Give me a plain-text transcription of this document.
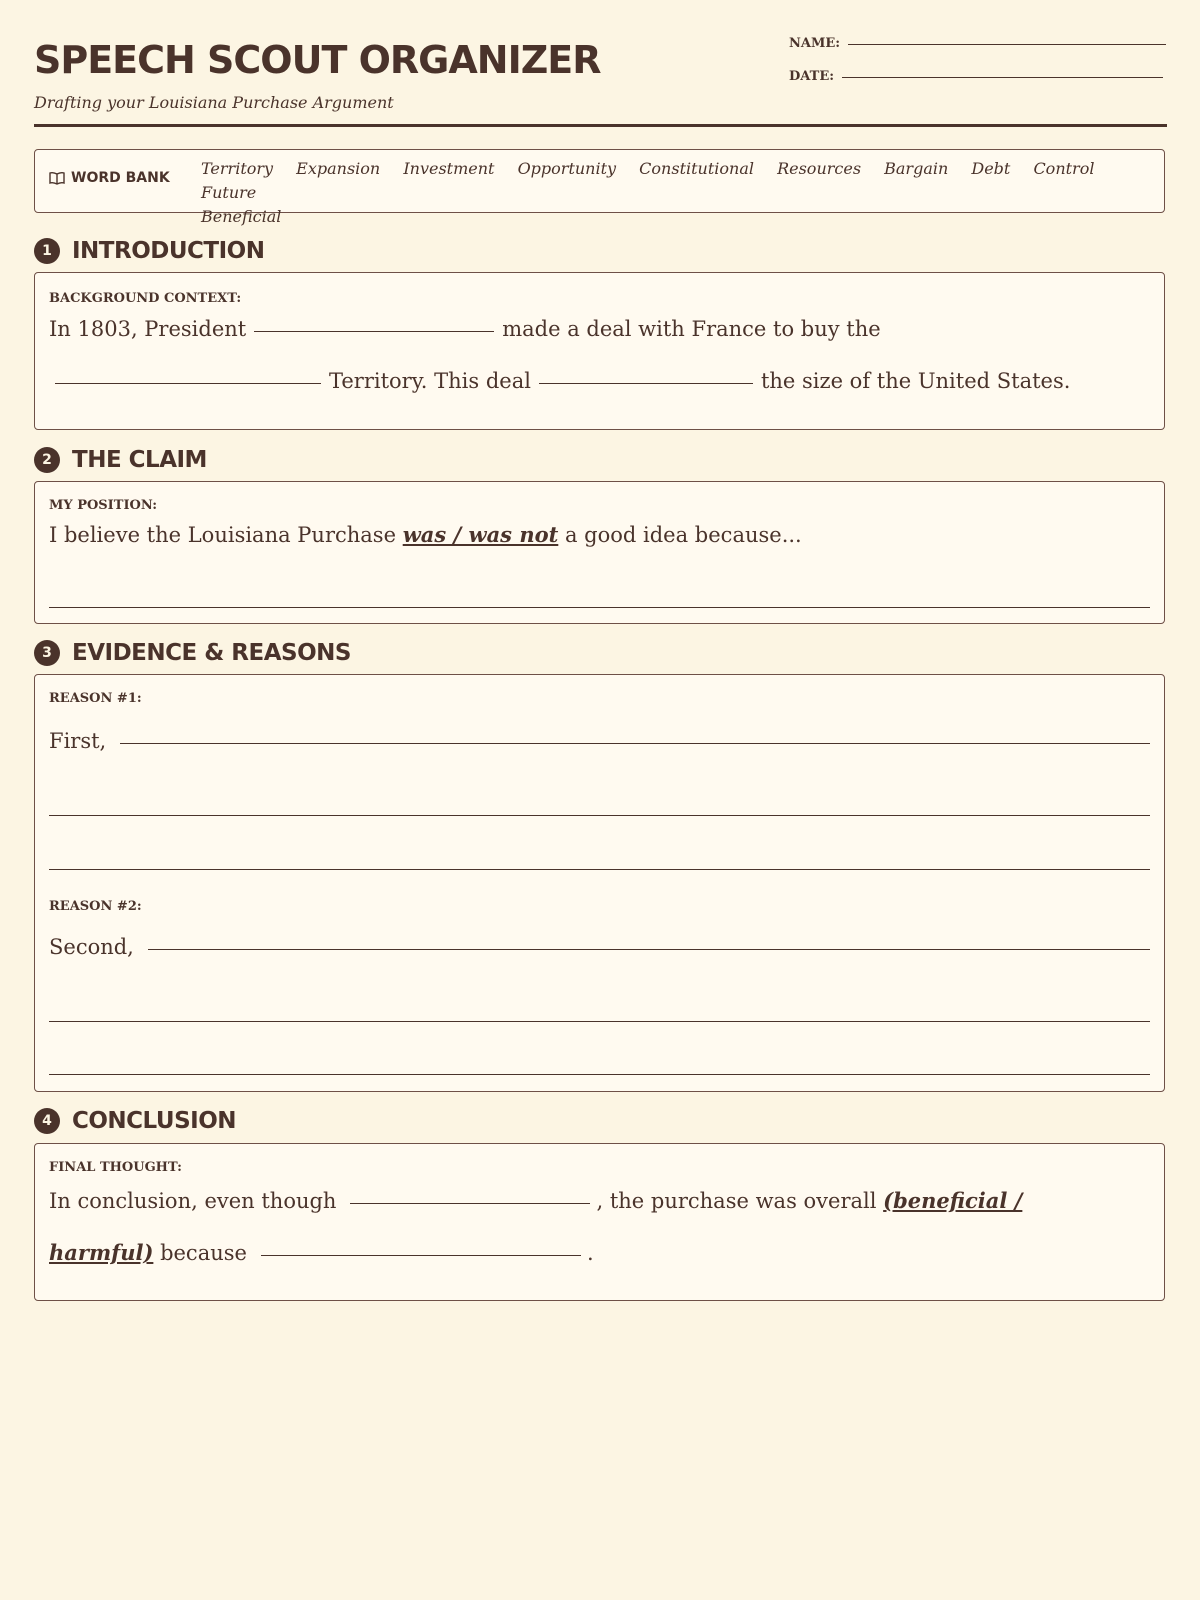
SPEECH SCOUT ORGANIZER
Drafting your Louisiana Purchase Argument
NAME:
DATE:
WORD BANK Territory Expansion Investment Opportunity Constitutional Resources Bargain Debt Control Future
Beneficial
1 INTRODUCTION
BACKGROUND CONTEXT:
In 1803, President	made a deal with France to buy the
Territory. This deal	the size of the United States.
2 THE CLAIM
MY POSITION:
I believe the Louisiana Purchase
was / was not
a good idea because...
3 EVIDENCE & REASONS
REASON #1:
First,
REASON #2:
Second,
4 CONCLUSION
FINAL THOUGHT:
In conclusion, even though	, the purchase was overall
(beneficial /
harmful)
because	.
